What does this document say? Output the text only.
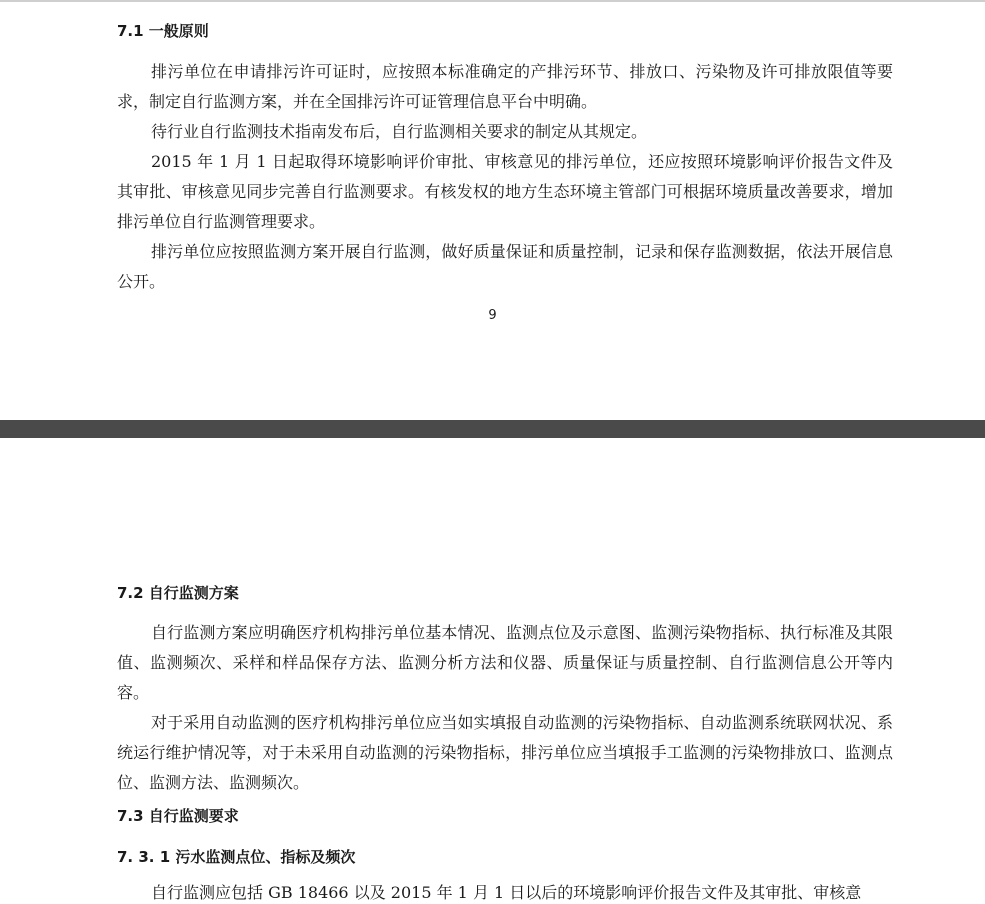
7.1 一般原则

排污单位在申请排污许可证时，应按照本标准确定的产排污环节、排放口、污染物及许可排放限值等要求，制定自行监测方案，并在全国排污许可证管理信息平台中明确。

待行业自行监测技术指南发布后，自行监测相关要求的制定从其规定。

2015 年 1 月 1 日起取得环境影响评价审批、审核意见的排污单位，还应按照环境影响评价报告文件及其审批、审核意见同步完善自行监测要求。有核发权的地方生态环境主管部门可根据环境质量改善要求，增加排污单位自行监测管理要求。

排污单位应按照监测方案开展自行监测，做好质量保证和质量控制，记录和保存监测数据，依法开展信息公开。

9
7.2 自行监测方案

自行监测方案应明确医疗机构排污单位基本情况、监测点位及示意图、监测污染物指标、执行标准及其限值、监测频次、采样和样品保存方法、监测分析方法和仪器、质量保证与质量控制、自行监测信息公开等内容。

对于采用自动监测的医疗机构排污单位应当如实填报自动监测的污染物指标、自动监测系统联网状况、系统运行维护情况等，对于未采用自动监测的污染物指标，排污单位应当填报手工监测的污染物排放口、监测点位、监测方法、监测频次。

7.3 自行监测要求
7. 3. 1 污水监测点位、指标及频次

自行监测应包括 GB 18466 以及 2015 年 1 月 1 日以后的环境影响评价报告文件及其审批、审核意
